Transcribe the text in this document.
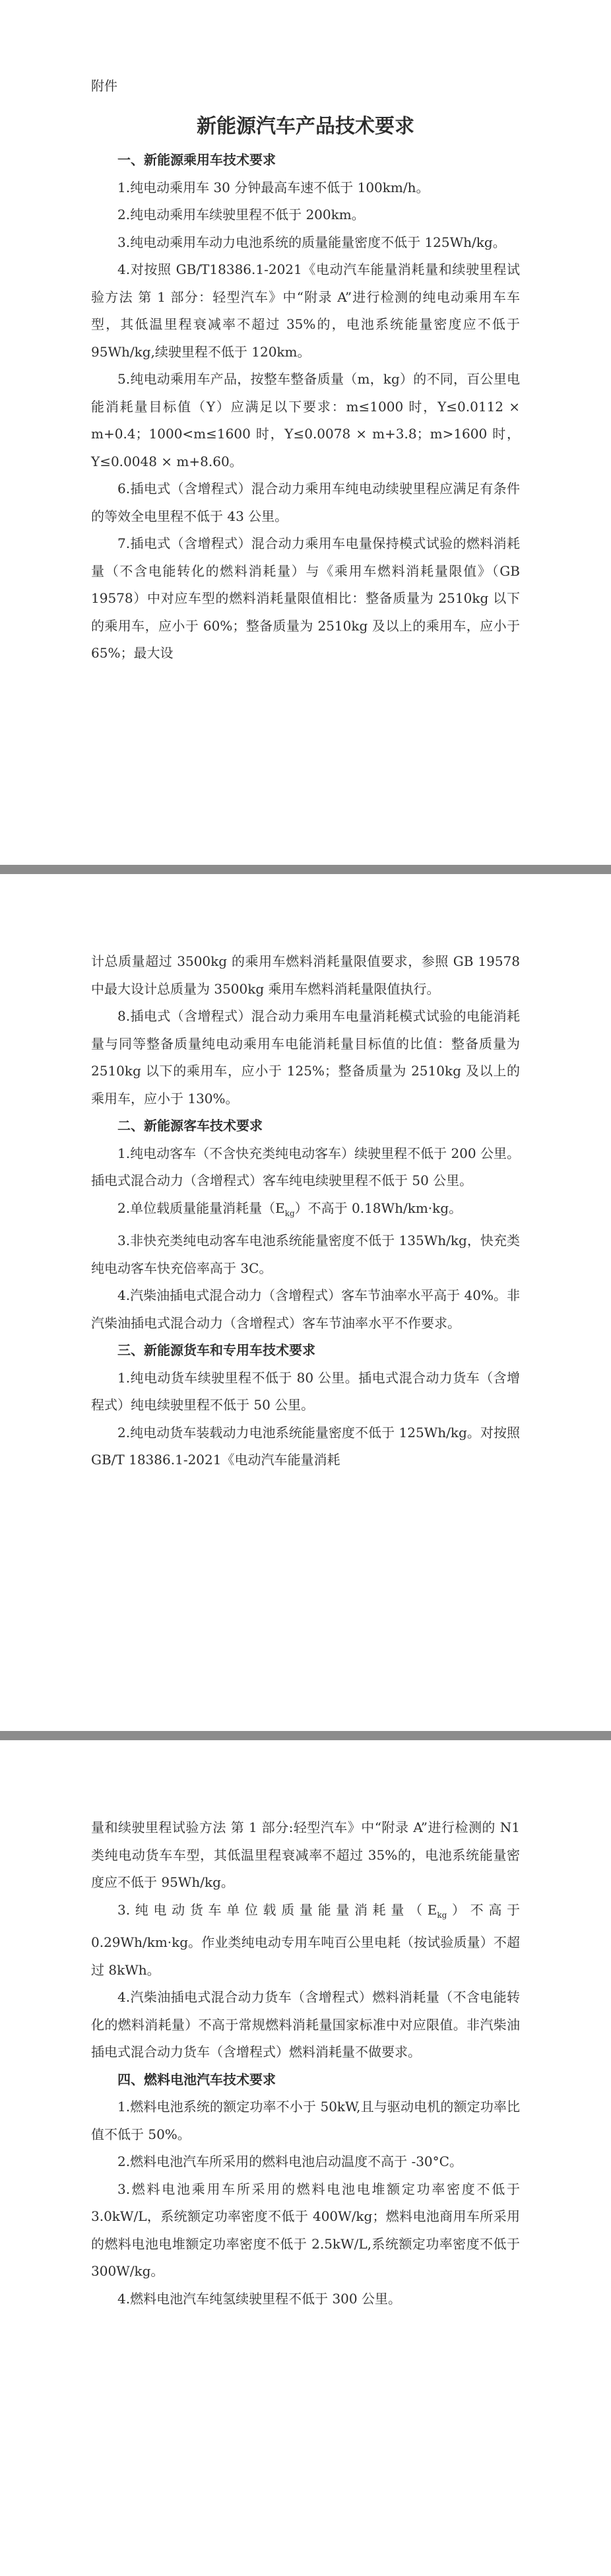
附件

新能源汽车产品技术要求

一、新能源乘用车技术要求

1.纯电动乘用车 30 分钟最高车速不低于 100km/h。

2.纯电动乘用车续驶里程不低于 200km。

3.纯电动乘用车动力电池系统的质量能量密度不低于 125Wh/kg。

4.对按照 GB/T18386.1-2021《电动汽车能量消耗量和续驶里程试验方法 第 1 部分：轻型汽车》中“附录 A”进行检测的纯电动乘用车车型，其低温里程衰减率不超过 35%的，电池系统能量密度应不低于 95Wh/kg,续驶里程不低于 120km。

5.纯电动乘用车产品，按整车整备质量（m，kg）的不同，百公里电能消耗量目标值（Y）应满足以下要求：m≤1000 时，Y≤0.0112 × m+0.4；1000<m≤1600 时，Y≤0.0078 × m+3.8；m>1600 时，Y≤0.0048 × m+8.60。

6.插电式（含增程式）混合动力乘用车纯电动续驶里程应满足有条件的等效全电里程不低于 43 公里。

7.插电式（含增程式）混合动力乘用车电量保持模式试验的燃料消耗量（不含电能转化的燃料消耗量）与《乘用车燃料消耗量限值》（GB 19578）中对应车型的燃料消耗量限值相比：整备质量为 2510kg 以下的乘用车，应小于 60%；整备质量为 2510kg 及以上的乘用车，应小于 65%；最大设

计总质量超过 3500kg 的乘用车燃料消耗量限值要求，参照 GB 19578 中最大设计总质量为 3500kg 乘用车燃料消耗量限值执行。

8.插电式（含增程式）混合动力乘用车电量消耗模式试验的电能消耗量与同等整备质量纯电动乘用车电能消耗量目标值的比值：整备质量为 2510kg 以下的乘用车，应小于 125%；整备质量为 2510kg 及以上的乘用车，应小于 130%。

二、新能源客车技术要求

1.纯电动客车（不含快充类纯电动客车）续驶里程不低于 200 公里。插电式混合动力（含增程式）客车纯电续驶里程不低于 50 公里。

2.单位载质量能量消耗量$(E_{kg})$不高于 0.18Wh/km·kg。

3.非快充类纯电动客车电池系统能量密度不低于 135Wh/kg，快充类纯电动客车快充倍率高于 3C。

4.汽柴油插电式混合动力（含增程式）客车节油率水平高于 40%。非汽柴油插电式混合动力（含增程式）客车节油率水平不作要求。

三、新能源货车和专用车技术要求

1.纯电动货车续驶里程不低于 80 公里。插电式混合动力货车（含增程式）纯电续驶里程不低于 50 公里。

2.纯电动货车装载动力电池系统能量密度不低于 125Wh/kg。对按照 GB/T 18386.1-2021《电动汽车能量消耗

量和续驶里程试验方法 第 1 部分:轻型汽车》中“附录 A”进行检测的 N1 类纯电动货车车型，其低温里程衰减率不超过 35%的，电池系统能量密度应不低于 95Wh/kg。

3.纯电动货车单位载质量能量消耗量$(E_{kg})$不高于 0.29Wh/km·kg。作业类纯电动专用车吨百公里电耗（按试验质量）不超过 8kWh。

4.汽柴油插电式混合动力货车（含增程式）燃料消耗量（不含电能转化的燃料消耗量）不高于常规燃料消耗量国家标准中对应限值。非汽柴油插电式混合动力货车（含增程式）燃料消耗量不做要求。

四、燃料电池汽车技术要求

1.燃料电池系统的额定功率不小于 50kW,且与驱动电机的额定功率比值不低于 50%。

2.燃料电池汽车所采用的燃料电池启动温度不高于 -30°C。

3.燃料电池乘用车所采用的燃料电池电堆额定功率密度不低于 3.0kW/L，系统额定功率密度不低于 400W/kg；燃料电池商用车所采用的燃料电池电堆额定功率密度不低于 2.5kW/L,系统额定功率密度不低于 300W/kg。

4.燃料电池汽车纯氢续驶里程不低于 300 公里。
